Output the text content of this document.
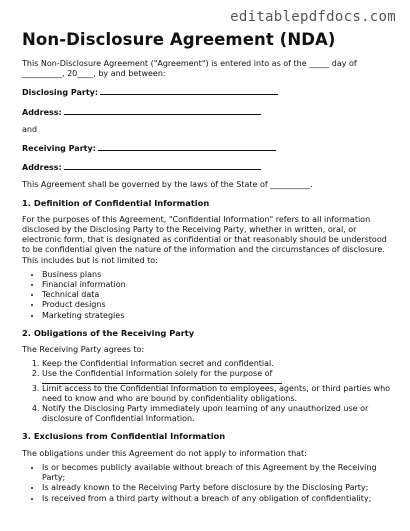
editablepdfdocs.com
Non-Disclosure Agreement (NDA)

This Non-Disclosure Agreement ("Agreement") is entered into as of the _____ day of __________, 20____, by and between:

Disclosing Party:
Address:

and

Receiving Party:
Address:

This Agreement shall be governed by the laws of the State of __________.

1. Definition of Confidential Information

For the purposes of this Agreement, "Confidential Information" refers to all information disclosed by the Disclosing Party to the Receiving Party, whether in written, oral, or electronic form, that is designated as confidential or that reasonably should be understood to be confidential given the nature of the information and the circumstances of disclosure. This includes but is not limited to:

• Business plans
• Financial information
• Technical data
• Product designs
• Marketing strategies
2. Obligations of the Receiving Party

The Receiving Party agrees to:

1. Keep the Confidential Information secret and confidential.
2. Use the Confidential Information solely for the purpose of
3. Limit access to the Confidential Information to employees, agents, or third parties who need to know and who are bound by confidentiality obligations.
4. Notify the Disclosing Party immediately upon learning of any unauthorized use or disclosure of Confidential Information.
3. Exclusions from Confidential Information

The obligations under this Agreement do not apply to information that:

• Is or becomes publicly available without breach of this Agreement by the Receiving Party;
• Is already known to the Receiving Party before disclosure by the Disclosing Party;
• Is received from a third party without a breach of any obligation of confidentiality;
